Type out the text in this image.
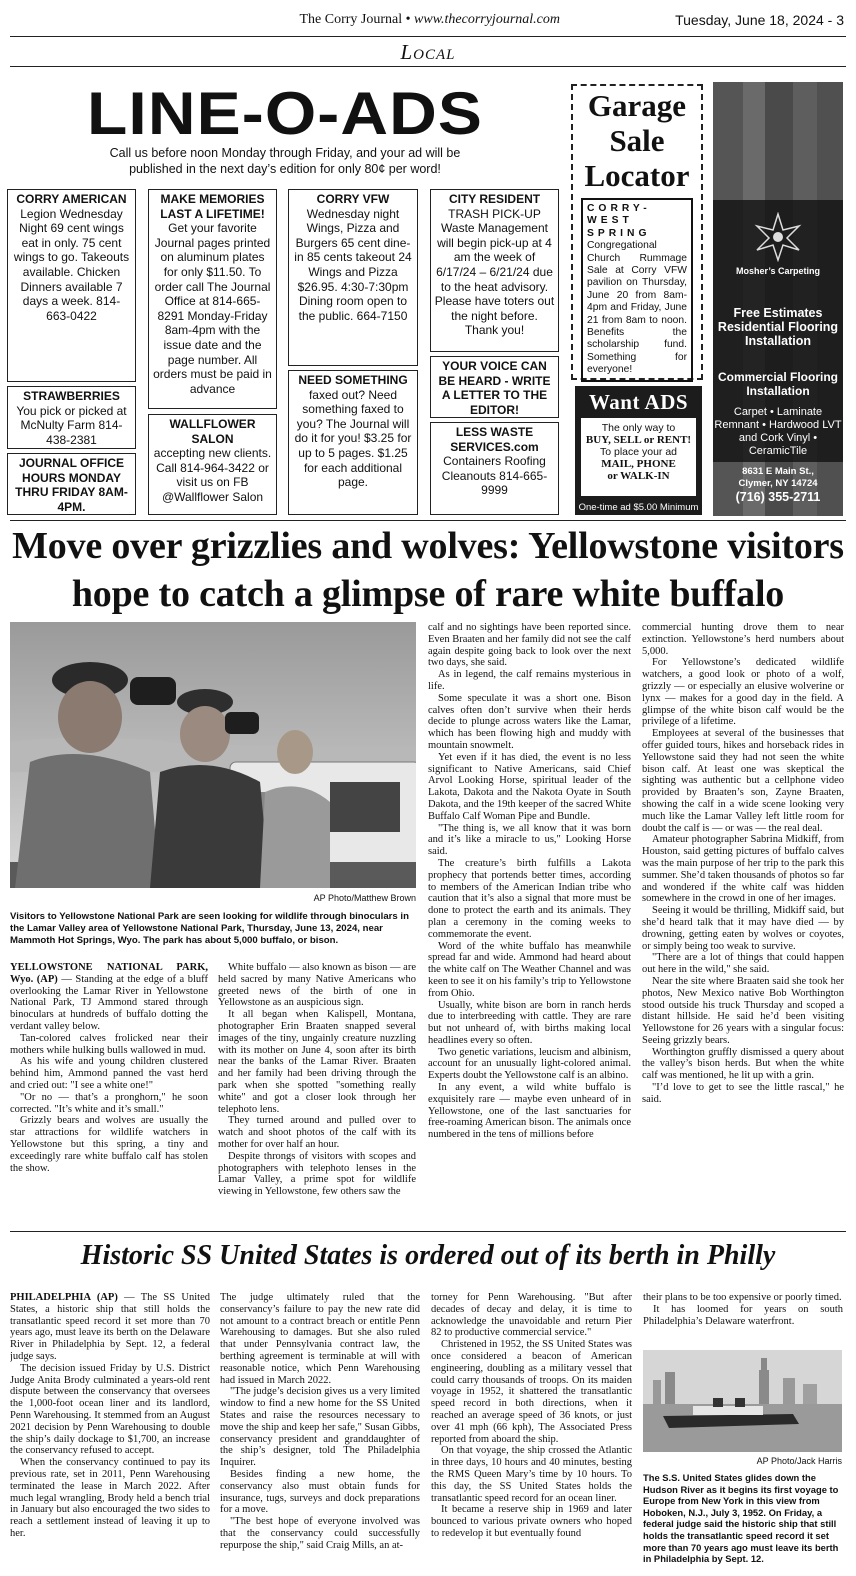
The Corry Journal • www.thecorryjournal.com	Tuesday, June 18, 2024 - 3
Local
LINE-O-ADS
Call us before noon Monday through Friday, and your ad will be published in the next day’s edition for only 80¢ per word!
CORRY AMERICAN
Legion Wednesday Night 69 cent wings eat in only. 75 cent wings to go. Takeouts available. Chicken Dinners available 7 days a week. 814-663-0422
STRAWBERRIES
You pick or picked at McNulty Farm 814-438-2381
JOURNAL OFFICE HOURS MONDAY THRU FRIDAY 8AM-4PM.
MAKE MEMORIES LAST A LIFETIME!
Get your favorite Journal pages printed on aluminum plates for only $11.50. To order call The Journal Office at 814-665-8291 Monday-Friday 8am-4pm with the issue date and the page number. All orders must be paid in advance
WALLFLOWER SALON
accepting new clients. Call 814-964-3422 or visit us on FB @Wallflower Salon
CORRY VFW
Wednesday night Wings, Pizza and Burgers 65 cent dine-in 85 cents takeout 24 Wings and Pizza $26.95. 4:30-7:30pm Dining room open to the public. 664-7150
NEED SOMETHING
faxed out? Need something faxed to you? The Journal will do it for you! $3.25 for up to 5 pages. $1.25 for each additional page.
CITY RESIDENT
TRASH PICK-UP Waste Management will begin pick-up at 4 am the week of 6/17/24 – 6/21/24 due to the heat advisory. Please have toters out the night before. Thank you!
YOUR VOICE CAN BE HEARD - WRITE A LETTER TO THE EDITOR!
LESS WASTE SERVICES.com
Containers Roofing Cleanouts 814-665-9999
Garage
Sale
Locator
CORRY-WEST SPRING Congregational Church Rummage Sale at Corry VFW pavilion on Thursday, June 20 from 8am-4pm and Friday, June 21 from 8am to noon. Benefits the scholarship fund. Something for everyone!
Want ADS
The only way to
BUY, SELL or RENT!
To place your ad
MAIL, PHONE
or WALK-IN
One-time ad $5.00 Minimum
Mosher’s Carpeting
Free Estimates Residential Flooring Installation
Commercial Flooring Installation
Carpet • Laminate Remnant • Hardwood LVT and Cork Vinyl • CeramicTile
8631 E Main St.,
Clymer, NY 14724
(716) 355-2711
Move over grizzlies and wolves: Yellowstone visitors hope to catch a glimpse of rare white buffalo
AP Photo/Matthew Brown
Visitors to Yellowstone National Park are seen looking for wildlife through binoculars in the Lamar Valley area of Yellowstone National Park, Thursday, June 13, 2024, near Mammoth Hot Springs, Wyo. The park has about 5,000 buffalo, or bison.

YELLOWSTONE NATIONAL PARK, Wyo. (AP) — Standing at the edge of a bluff overlooking the Lamar River in Yellowstone National Park, TJ Ammond stared through binoculars at hundreds of buffalo dotting the verdant valley below.

Tan-colored calves frolicked near their mothers while hulking bulls wallowed in mud.

As his wife and young children clustered behind him, Ammond panned the vast herd and cried out: "I see a white one!"

"Or no — that’s a pronghorn," he soon corrected. "It’s white and it’s small."

Grizzly bears and wolves are usually the star attractions for wildlife watchers in Yellowstone but this spring, a tiny and exceedingly rare white buffalo calf has stolen the show.

White buffalo — also known as bison — are held sacred by many Native Americans who greeted news of the birth of one in Yellowstone as an auspicious sign.

It all began when Kalispell, Montana, photographer Erin Braaten snapped several images of the tiny, ungainly creature nuzzling with its mother on June 4, soon after its birth near the banks of the Lamar River. Braaten and her family had been driving through the park when she spotted "something really white" and got a closer look through her telephoto lens.

They turned around and pulled over to watch and shoot photos of the calf with its mother for over half an hour.

Despite throngs of visitors with scopes and photographers with telephoto lenses in the Lamar Valley, a prime spot for wildlife viewing in Yellowstone, few others saw the

calf and no sightings have been reported since. Even Braaten and her family did not see the calf again despite going back to look over the next two days, she said.

As in legend, the calf remains mysterious in life.

Some speculate it was a short one. Bison calves often don’t survive when their herds decide to plunge across waters like the Lamar, which has been flowing high and muddy with mountain snowmelt.

Yet even if it has died, the event is no less significant to Native Americans, said Chief Arvol Looking Horse, spiritual leader of the Lakota, Dakota and the Nakota Oyate in South Dakota, and the 19th keeper of the sacred White Buffalo Calf Woman Pipe and Bundle.

"The thing is, we all know that it was born and it’s like a miracle to us," Looking Horse said.

The creature’s birth fulfills a Lakota prophecy that portends better times, according to members of the American Indian tribe who caution that it’s also a signal that more must be done to protect the earth and its animals. They plan a ceremony in the coming weeks to commemorate the event.

Word of the white buffalo has meanwhile spread far and wide. Ammond had heard about the white calf on The Weather Channel and was keen to see it on his family’s trip to Yellowstone from Ohio.

Usually, white bison are born in ranch herds due to interbreeding with cattle. They are rare but not unheard of, with births making local headlines every so often.

Two genetic variations, leucism and albinism, account for an unusually light-colored animal. Experts doubt the Yellowstone calf is an albino.

In any event, a wild white buffalo is exquisitely rare — maybe even unheard of in Yellowstone, one of the last sanctuaries for free-roaming American bison. The animals once numbered in the tens of millions before

commercial hunting drove them to near extinction. Yellowstone’s herd numbers about 5,000.

For Yellowstone’s dedicated wildlife watchers, a good look or photo of a wolf, grizzly — or especially an elusive wolverine or lynx — makes for a good day in the field. A glimpse of the white bison calf would be the privilege of a lifetime.

Employees at several of the businesses that offer guided tours, hikes and horseback rides in Yellowstone said they had not seen the white bison calf. At least one was skeptical the sighting was authentic but a cellphone video provided by Braaten’s son, Zayne Braaten, showing the calf in a wide scene looking very much like the Lamar Valley left little room for doubt the calf is — or was — the real deal.

Amateur photographer Sabrina Midkiff, from Houston, said getting pictures of buffalo calves was the main purpose of her trip to the park this summer. She’d taken thousands of photos so far and wondered if the white calf was hidden somewhere in the crowd in one of her images.

Seeing it would be thrilling, Midkiff said, but she’d heard talk that it may have died — by drowning, getting eaten by wolves or coyotes, or simply being too weak to survive.

"There are a lot of things that could happen out here in the wild," she said.

Near the site where Braaten said she took her photos, New Mexico native Bob Worthington stood outside his truck Thursday and scoped a distant hillside. He said he’d been visiting Yellowstone for 26 years with a singular focus: Seeing grizzly bears.

Worthington gruffly dismissed a query about the valley’s bison herds. But when the white calf was mentioned, he lit up with a grin.

"I’d love to get to see the little rascal," he said.

Historic SS United States is ordered out of its berth in Philly

PHILADELPHIA (AP) — The SS United States, a historic ship that still holds the transatlantic speed record it set more than 70 years ago, must leave its berth on the Delaware River in Philadelphia by Sept. 12, a federal judge says.

The decision issued Friday by U.S. District Judge Anita Brody culminated a years-old rent dispute between the conservancy that oversees the 1,000-foot ocean liner and its landlord, Penn Warehousing. It stemmed from an August 2021 decision by Penn Warehousing to double the ship’s daily dockage to $1,700, an increase the conservancy refused to accept.

When the conservancy continued to pay its previous rate, set in 2011, Penn Warehousing terminated the lease in March 2022. After much legal wrangling, Brody held a bench trial in January but also encouraged the two sides to reach a settlement instead of leaving it up to her.

The judge ultimately ruled that the conservancy’s failure to pay the new rate did not amount to a contract breach or entitle Penn Warehousing to damages. But she also ruled that under Pennsylvania contract law, the berthing agreement is terminable at will with reasonable notice, which Penn Warehousing had issued in March 2022.

"The judge’s decision gives us a very limited window to find a new home for the SS United States and raise the resources necessary to move the ship and keep her safe," Susan Gibbs, conservancy president and granddaughter of the ship’s designer, told The Philadelphia Inquirer.

Besides finding a new home, the conservancy also must obtain funds for insurance, tugs, surveys and dock preparations for a move.

"The best hope of everyone involved was that the conservancy could successfully repurpose the ship," said Craig Mills, an at-

torney for Penn Warehousing. "But after decades of decay and delay, it is time to acknowledge the unavoidable and return Pier 82 to productive commercial service."

Christened in 1952, the SS United States was once considered a beacon of American engineering, doubling as a military vessel that could carry thousands of troops. On its maiden voyage in 1952, it shattered the transatlantic speed record in both directions, when it reached an average speed of 36 knots, or just over 41 mph (66 kph), The Associated Press reported from aboard the ship.

On that voyage, the ship crossed the Atlantic in three days, 10 hours and 40 minutes, besting the RMS Queen Mary’s time by 10 hours. To this day, the SS United States holds the transatlantic speed record for an ocean liner.

It became a reserve ship in 1969 and later bounced to various private owners who hoped to redevelop it but eventually found

their plans to be too expensive or poorly timed.

It has loomed for years on south Philadelphia’s Delaware waterfront.

AP Photo/Jack Harris
The S.S. United States glides down the Hudson River as it begins its first voyage to Europe from New York in this view from Hoboken, N.J., July 3, 1952. On Friday, a federal judge said the historic ship that still holds the transatlantic speed record it set more than 70 years ago must leave its berth in Philadelphia by Sept. 12.
